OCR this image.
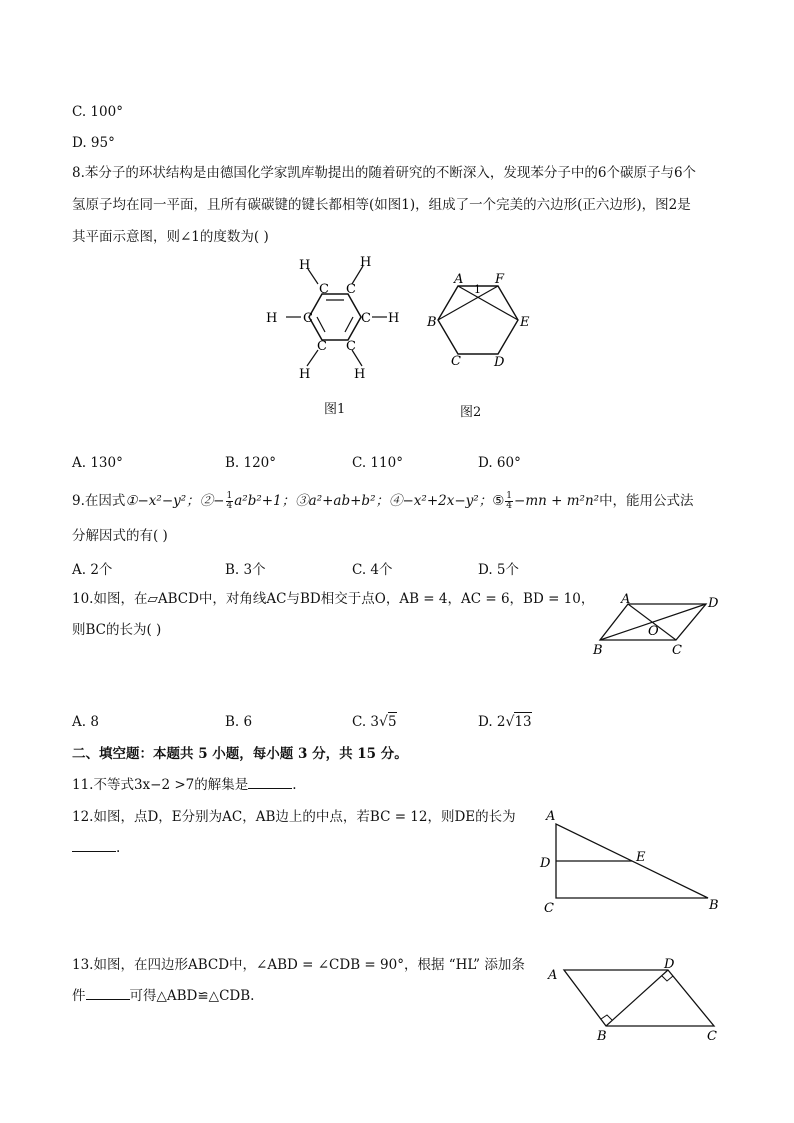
C. 100°
D. 95°
8.苯分子的环状结构是由德国化学家凯库勒提出的随着研究的不断深入，发现苯分子中的6个碳原子与6个
氢原子均在同一平面，且所有碳碳键的键长都相等(如图1)，组成了一个完美的六边形(正六边形)，图2是
其平面示意图，则∠1的度数为( )
C C
C
C
C C
H	H
H
H
H	H
图1
A F
B	E
C	D
1
图2
A. 130°	B. 120°	C. 110°	D. 60°
9.在因式①−x²−y²；②− $\frac{1}{4} a^2b^2+1$；③a²+ab+b²；④−x²+2x−y²；⑤ $\frac{1}{4} -mn + m^2n^2$中，能用公式法
分解因式的有( )
A. 2个	B. 3个	C. 4个	D. 5个
10.如图，在▱ABCD中，对角线AC与BD相交于点O，AB = 4，AC = 6，BD = 10，
则BC的长为( )
A	D
B	C
O
A. 8	B. 6	C. 3√5	D. 2√13
二、填空题：本题共 5 小题，每小题 3 分，共 15 分。
11.不等式3x−2 >7的解集是	.
12.如图，点D，E分别为AC，AB边上的中点，若BC = 12，则DE的长为
.
A
D	E
C	B
13.如图，在四边形ABCD中，∠ABD = ∠CDB = 90°，根据 “HL” 添加条
件	可得△ABD≌△CDB.
A
D
B	C
